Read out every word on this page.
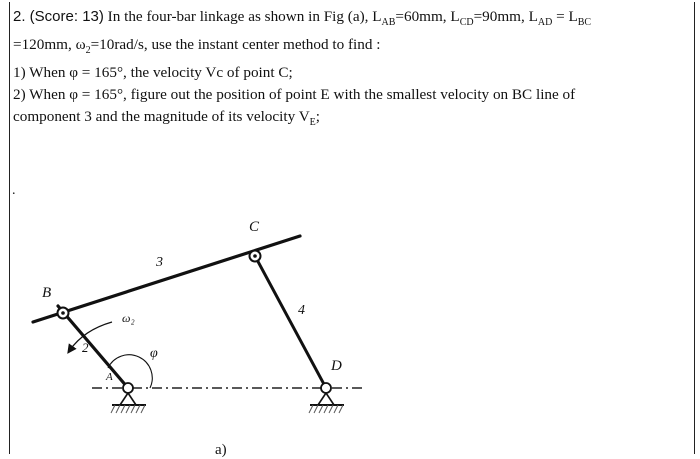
2. (Score: 13) In the four-bar linkage as shown in Fig (a), $L_{AB}=60mm$, $L_{CD}=90mm$, $L_{AD} = L_{BC}$
=120mm, $\omega_2=10rad/s$, use the instant center method to find :
1) When φ = 165°, the velocity Vc of point C;
2) When φ = 165°, figure out the position of point E with the smallest velocity on BC line of
component 3 and the magnitude of its velocity $V_E$;
.
B
C
D
A
2
3
4
ω₂
φ
a)
